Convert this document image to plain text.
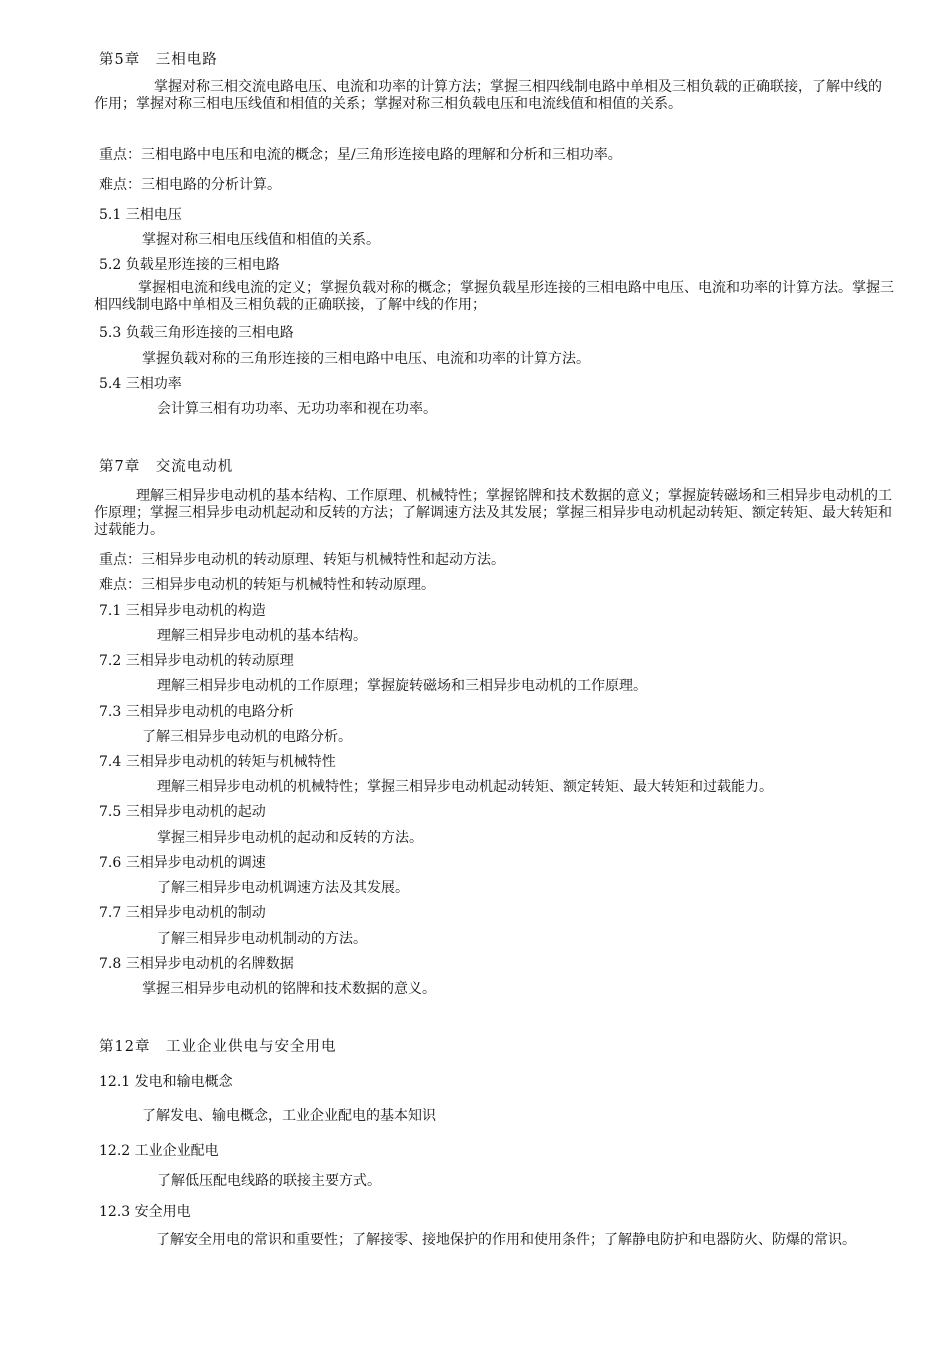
第5章　三相电路
掌握对称三相交流电路电压、电流和功率的计算方法；掌握三相四线制电路中单相及三相负载的正确联接，了解中线的作用；掌握对称三相电压线值和相值的关系；掌握对称三相负载电压和电流线值和相值的关系。
重点：三相电路中电压和电流的概念；星/三角形连接电路的理解和分析和三相功率。
难点：三相电路的分析计算。
5.1 三相电压
掌握对称三相电压线值和相值的关系。
5.2 负载星形连接的三相电路
掌握相电流和线电流的定义；掌握负载对称的概念；掌握负载星形连接的三相电路中电压、电流和功率的计算方法。掌握三相四线制电路中单相及三相负载的正确联接，了解中线的作用；
5.3 负载三角形连接的三相电路
掌握负载对称的三角形连接的三相电路中电压、电流和功率的计算方法。
5.4 三相功率
会计算三相有功功率、无功功率和视在功率。
第7章　交流电动机
理解三相异步电动机的基本结构、工作原理、机械特性；掌握铭牌和技术数据的意义；掌握旋转磁场和三相异步电动机的工作原理；掌握三相异步电动机起动和反转的方法；了解调速方法及其发展；掌握三相异步电动机起动转矩、额定转矩、最大转矩和过载能力。
重点：三相异步电动机的转动原理、转矩与机械特性和起动方法。
难点：三相异步电动机的转矩与机械特性和转动原理。
7.1 三相异步电动机的构造
理解三相异步电动机的基本结构。
7.2 三相异步电动机的转动原理
理解三相异步电动机的工作原理；掌握旋转磁场和三相异步电动机的工作原理。
7.3 三相异步电动机的电路分析
了解三相异步电动机的电路分析。
7.4 三相异步电动机的转矩与机械特性
理解三相异步电动机的机械特性；掌握三相异步电动机起动转矩、额定转矩、最大转矩和过载能力。
7.5 三相异步电动机的起动
掌握三相异步电动机的起动和反转的方法。
7.6 三相异步电动机的调速
了解三相异步电动机调速方法及其发展。
7.7 三相异步电动机的制动
了解三相异步电动机制动的方法。
7.8 三相异步电动机的名牌数据
掌握三相异步电动机的铭牌和技术数据的意义。
第12章　工业企业供电与安全用电
12.1 发电和输电概念
了解发电、输电概念，工业企业配电的基本知识
12.2 工业企业配电
了解低压配电线路的联接主要方式。
12.3 安全用电
了解安全用电的常识和重要性；了解接零、接地保护的作用和使用条件；了解静电防护和电器防火、防爆的常识。
